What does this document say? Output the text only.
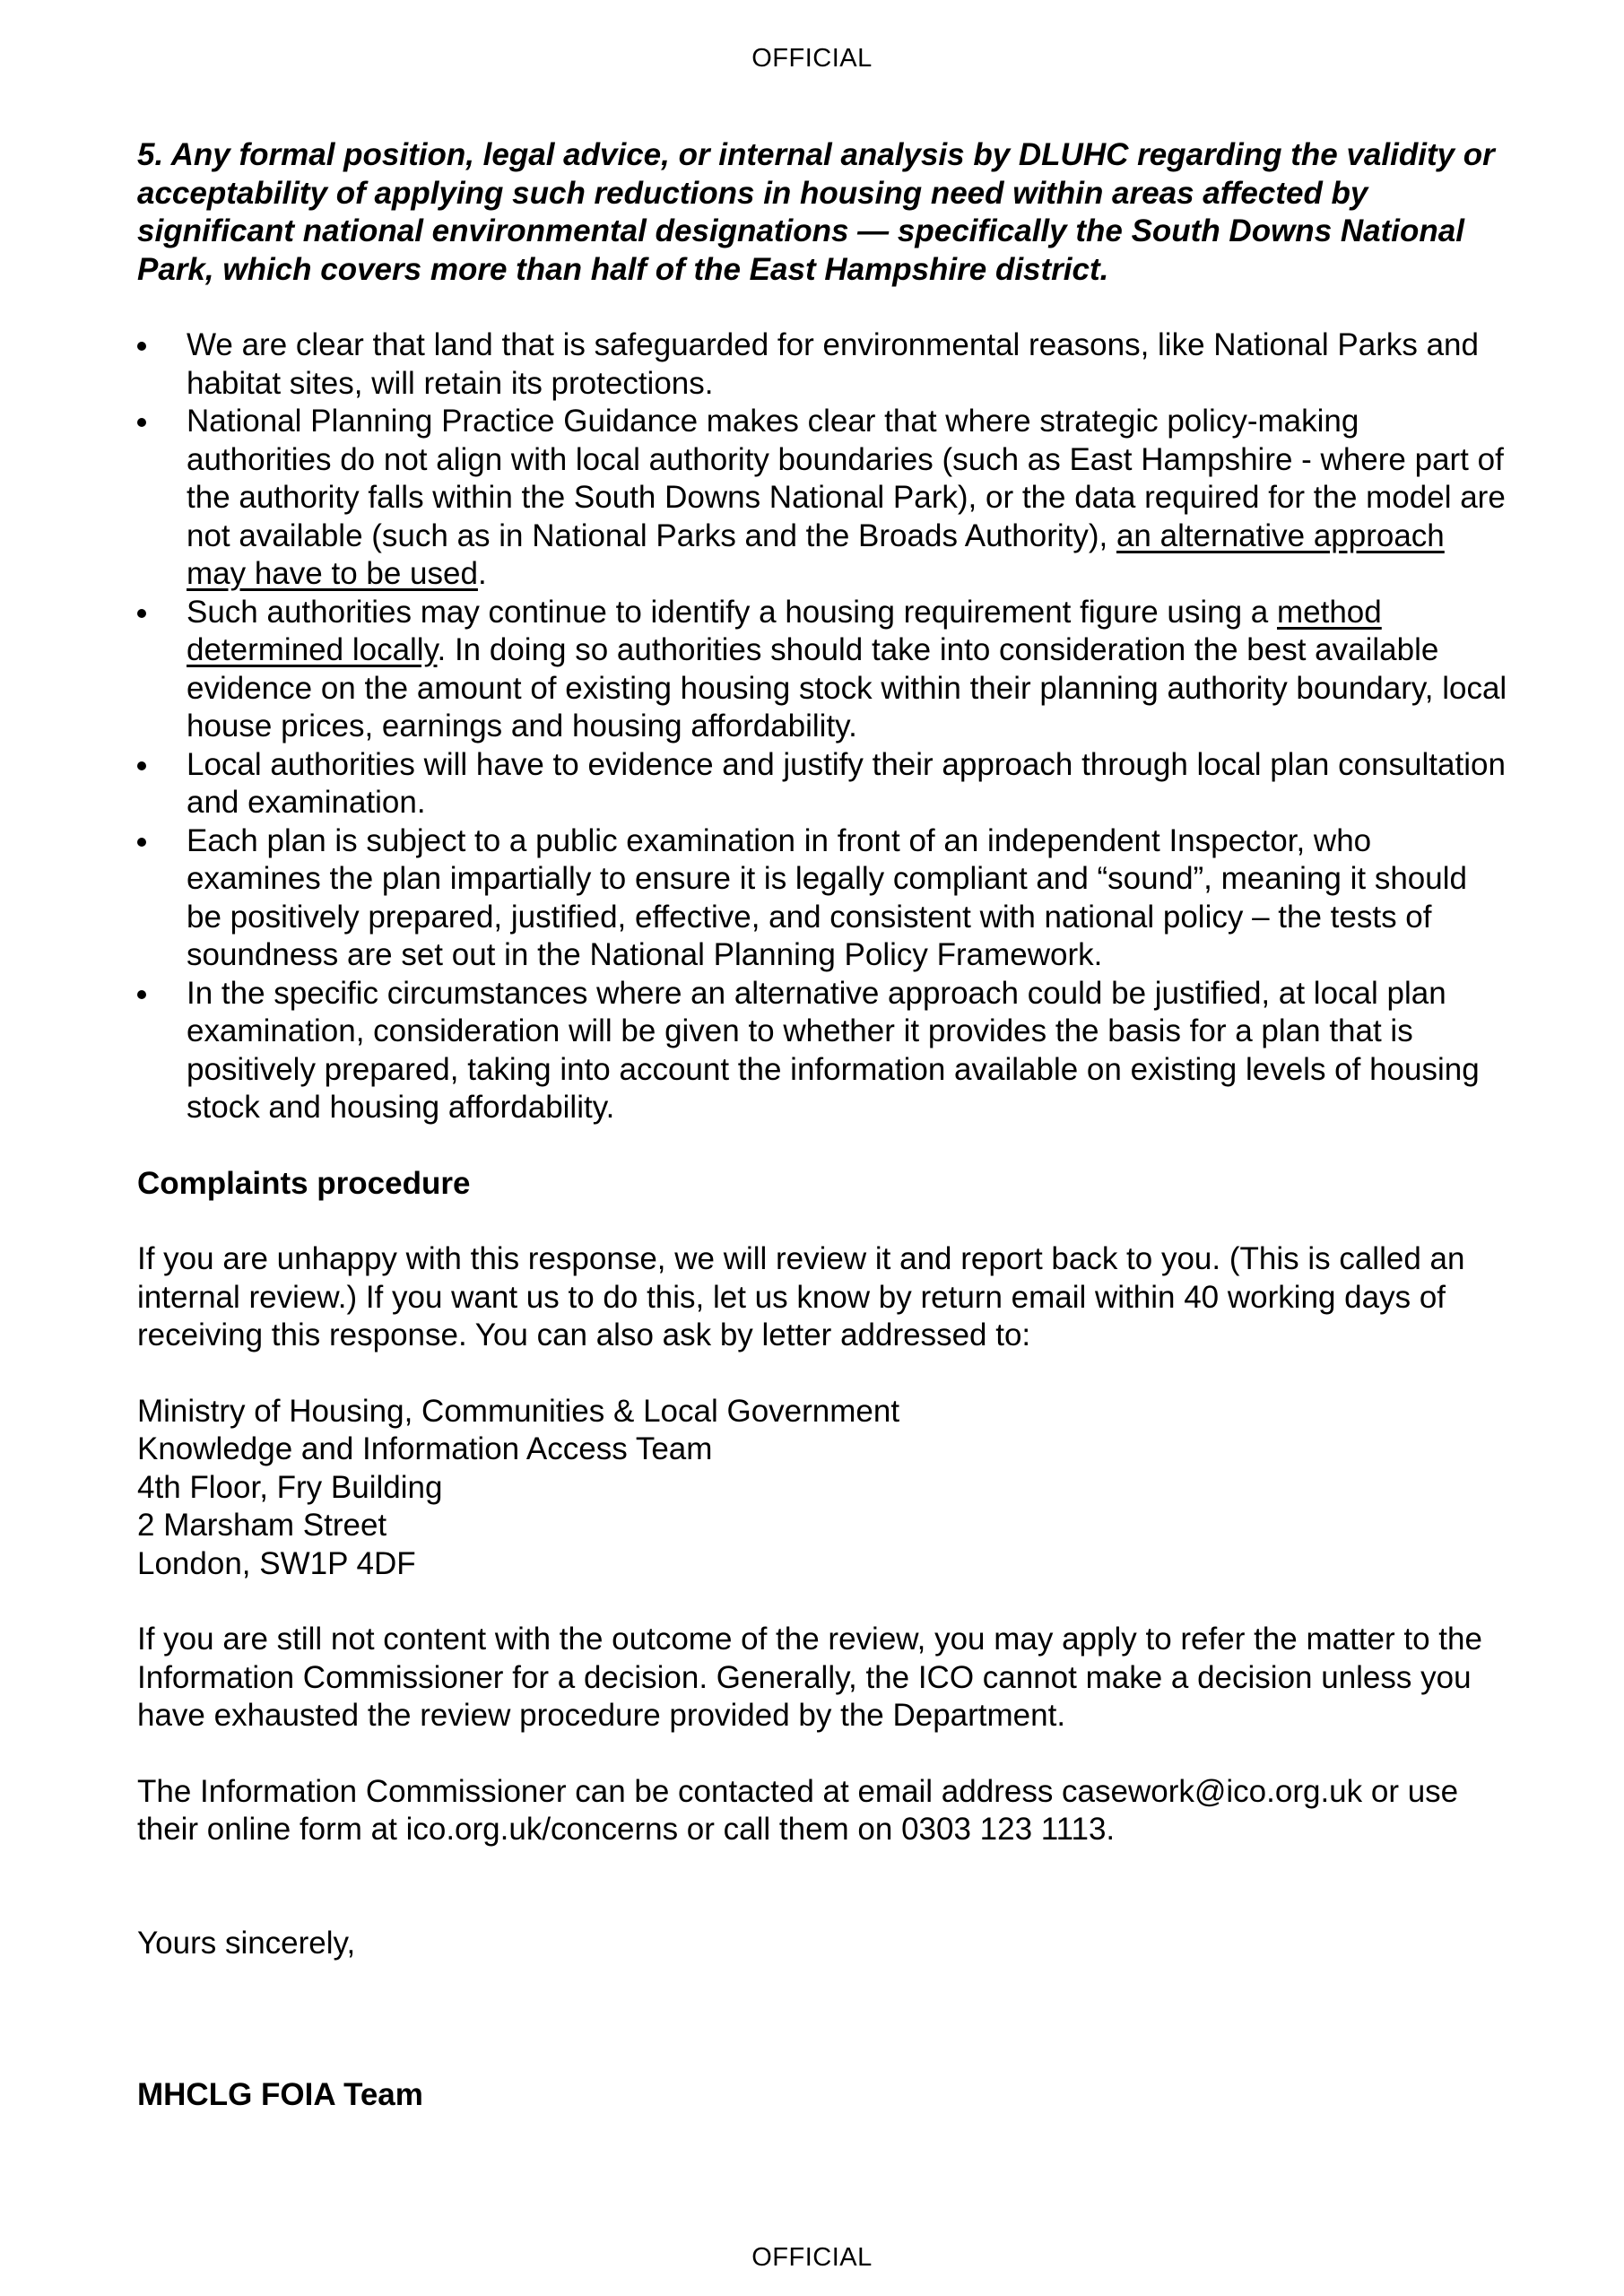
OFFICIAL

5. Any formal position, legal advice, or internal analysis by DLUHC regarding the validity or acceptability of applying such reductions in housing need within areas affected by significant national environmental designations — specifically the South Downs National Park, which covers more than half of the East Hampshire district.

We are clear that land that is safeguarded for environmental reasons, like National Parks and habitat sites, will retain its protections.
National Planning Practice Guidance makes clear that where strategic policy-making authorities do not align with local authority boundaries (such as East Hampshire - where part of the authority falls within the South Downs National Park), or the data required for the model are not available (such as in National Parks and the Broads Authority), an alternative approach may have to be used.
Such authorities may continue to identify a housing requirement figure using a method determined locally. In doing so authorities should take into consideration the best available evidence on the amount of existing housing stock within their planning authority boundary, local house prices, earnings and housing affordability.
Local authorities will have to evidence and justify their approach through local plan consultation and examination.
Each plan is subject to a public examination in front of an independent Inspector, who examines the plan impartially to ensure it is legally compliant and “sound”, meaning it should be positively prepared, justified, effective, and consistent with national policy – the tests of soundness are set out in the National Planning Policy Framework.
In the specific circumstances where an alternative approach could be justified, at local plan examination, consideration will be given to whether it provides the basis for a plan that is positively prepared, taking into account the information available on existing levels of housing stock and housing affordability.

Complaints procedure

If you are unhappy with this response, we will review it and report back to you. (This is called an internal review.) If you want us to do this, let us know by return email within 40 working days of receiving this response. You can also ask by letter addressed to:

Ministry of Housing, Communities & Local Government
Knowledge and Information Access Team
4th Floor, Fry Building
2 Marsham Street
London, SW1P 4DF

If you are still not content with the outcome of the review, you may apply to refer the matter to the Information Commissioner for a decision. Generally, the ICO cannot make a decision unless you have exhausted the review procedure provided by the Department.

The Information Commissioner can be contacted at email address casework@ico.org.uk or use their online form at ico.org.uk/concerns or call them on 0303 123 1113.

Yours sincerely,

MHCLG FOIA Team

OFFICIAL
